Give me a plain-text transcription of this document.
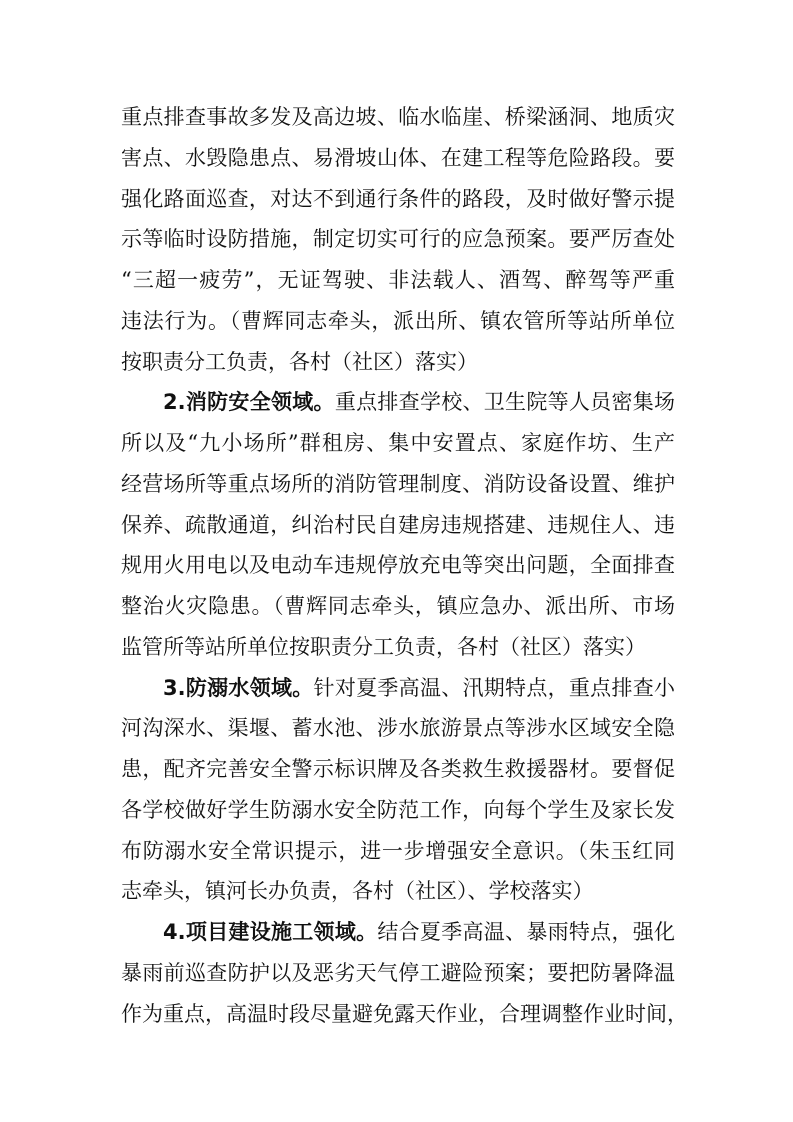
重点排查事故多发及高边坡、临水临崖、桥梁涵洞、地质灾
害点、水毁隐患点、易滑坡山体、在建工程等危险路段。要
强化路面巡查，对达不到通行条件的路段，及时做好警示提
示等临时设防措施，制定切实可行的应急预案。要严厉查处
“三超一疲劳”，无证驾驶、非法载人、酒驾、醉驾等严重
违法行为。（曹辉同志牵头，派出所、镇农管所等站所单位
按职责分工负责，各村（社区）落实）
2.消防安全领域。重点排查学校、卫生院等人员密集场
所以及“九小场所”群租房、集中安置点、家庭作坊、生产
经营场所等重点场所的消防管理制度、消防设备设置、维护
保养、疏散通道，纠治村民自建房违规搭建、违规住人、违
规用火用电以及电动车违规停放充电等突出问题，全面排查
整治火灾隐患。（曹辉同志牵头，镇应急办、派出所、市场
监管所等站所单位按职责分工负责，各村（社区）落实）
3.防溺水领域。针对夏季高温、汛期特点，重点排查小
河沟深水、渠堰、蓄水池、涉水旅游景点等涉水区域安全隐
患，配齐完善安全警示标识牌及各类救生救援器材。要督促
各学校做好学生防溺水安全防范工作，向每个学生及家长发
布防溺水安全常识提示，进一步增强安全意识。（朱玉红同
志牵头，镇河长办负责，各村（社区）、学校落实）
4.项目建设施工领域。结合夏季高温、暴雨特点，强化
暴雨前巡查防护以及恶劣天气停工避险预案；要把防暑降温
作为重点，高温时段尽量避免露天作业，合理调整作业时间，
